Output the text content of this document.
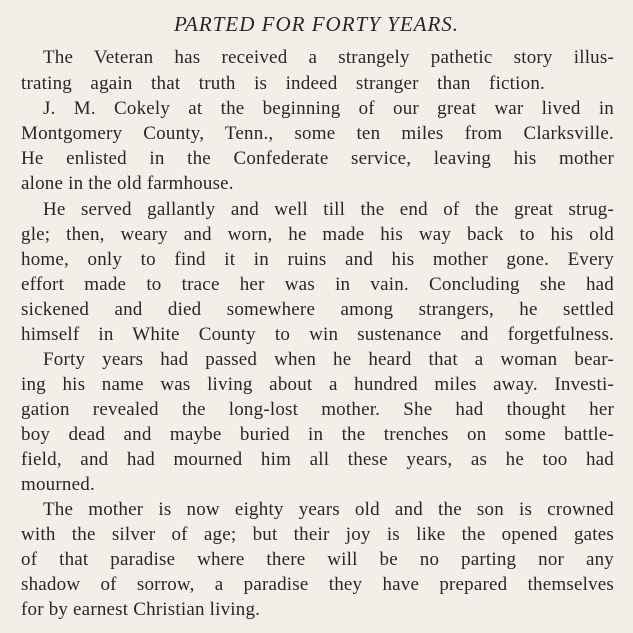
PARTED FOR FORTY YEARS.
The Veteran has received a strangely pathetic story illus-
trating again that truth is indeed stranger than fiction.
J. M. Cokely at the beginning of our great war lived in
Montgomery County, Tenn., some ten miles from Clarksville.
He enlisted in the Confederate service, leaving his mother
alone in the old farmhouse.
He served gallantly and well till the end of the great strug-
gle; then, weary and worn, he made his way back to his old
home, only to find it in ruins and his mother gone. Every
effort made to trace her was in vain. Concluding she had
sickened and died somewhere among strangers, he settled
himself in White County to win sustenance and forgetfulness.
Forty years had passed when he heard that a woman bear-
ing his name was living about a hundred miles away. Investi-
gation revealed the long-lost mother. She had thought her
boy dead and maybe buried in the trenches on some battle-
field, and had mourned him all these years, as he too had
mourned.
The mother is now eighty years old and the son is crowned
with the silver of age; but their joy is like the opened gates
of that paradise where there will be no parting nor any
shadow of sorrow, a paradise they have prepared themselves
for by earnest Christian living.
